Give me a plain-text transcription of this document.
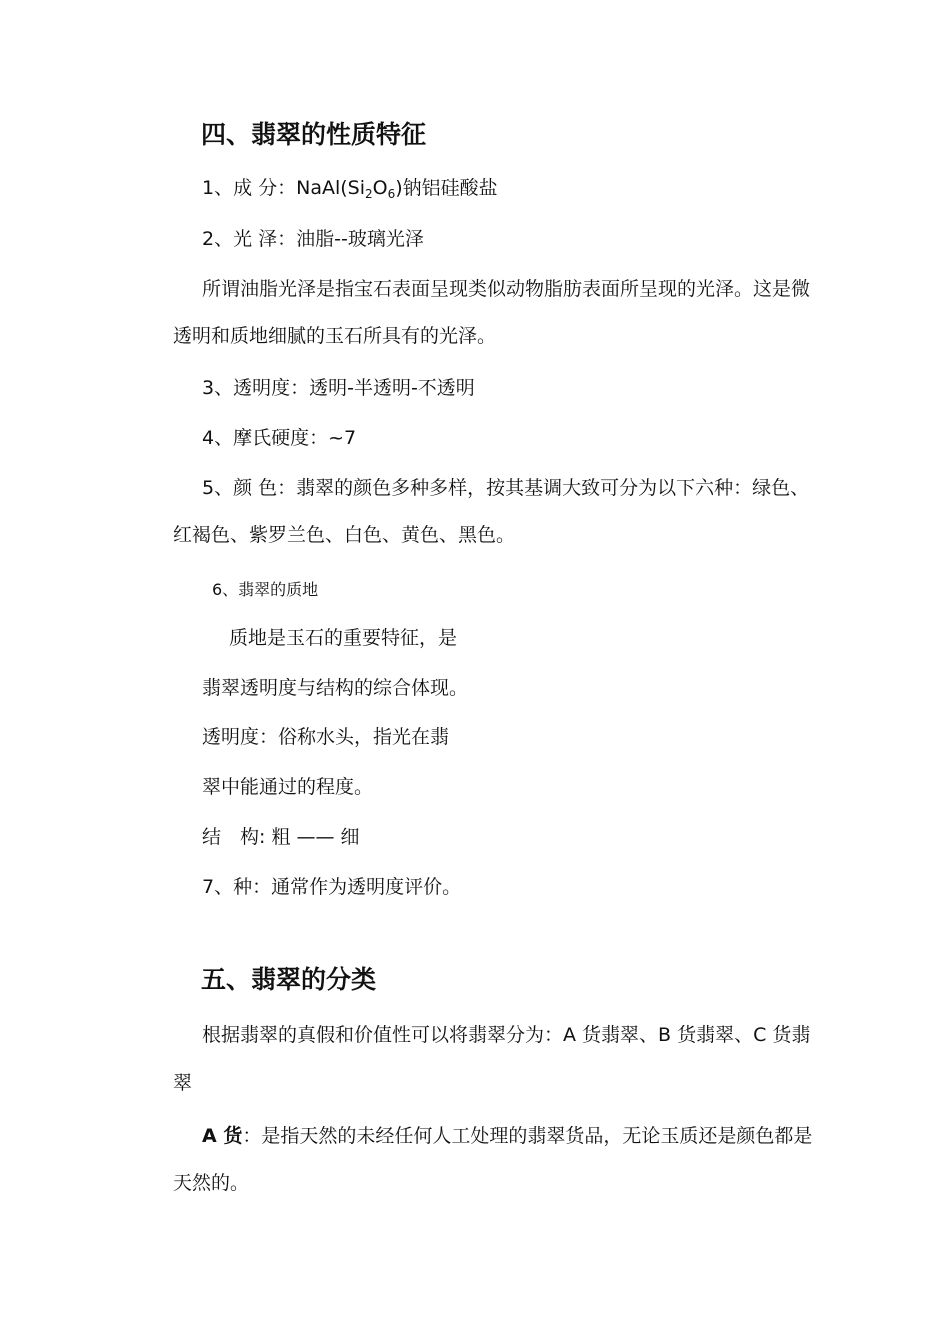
四、翡翠的性质特征
1、成 分：$NaAl(Si_2O_6)$钠铝硅酸盐
2、光 泽：油脂--玻璃光泽
所谓油脂光泽是指宝石表面呈现类似动物脂肪表面所呈现的光泽。这是微
透明和质地细腻的玉石所具有的光泽。
3、透明度：透明-半透明-不透明
4、摩氏硬度：~7
5、颜 色：翡翠的颜色多种多样，按其基调大致可分为以下六种：绿色、
红褐色、紫罗兰色、白色、黄色、黑色。
6、翡翠的质地
质地是玉石的重要特征，是
翡翠透明度与结构的综合体现。
透明度：俗称水头，指光在翡
翠中能通过的程度。
结　构: 粗 —— 细
7、种：通常作为透明度评价。
五、翡翠的分类
根据翡翠的真假和价值性可以将翡翠分为：A 货翡翠、B 货翡翠、C 货翡
翠
A 货：是指天然的未经任何人工处理的翡翠货品，无论玉质还是颜色都是
天然的。
